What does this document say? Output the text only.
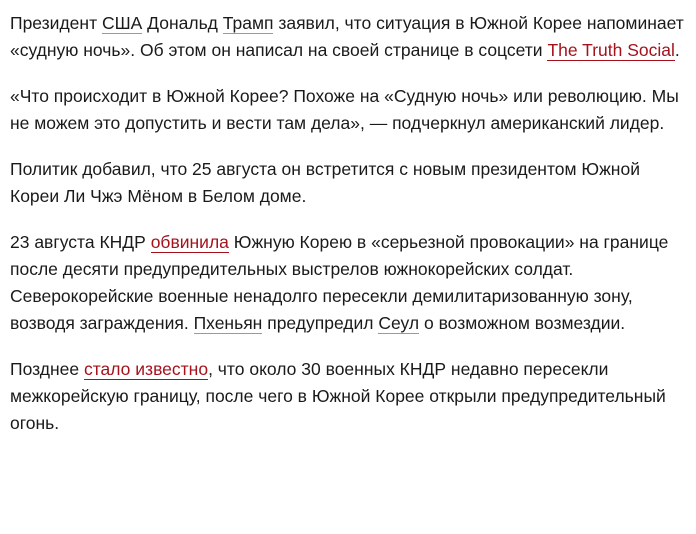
Президент США Дональд Трамп заявил, что ситуация в Южной Корее напоминает «судную ночь». Об этом он написал на своей странице в соцсети The Truth Social.

«Что происходит в Южной Корее? Похоже на «Судную ночь» или революцию. Мы не можем это допустить и вести там дела», — подчеркнул американский лидер.

Политик добавил, что 25 августа он встретится с новым президентом Южной Кореи Ли Чжэ Мёном в Белом доме.

23 августа КНДР обвинила Южную Корею в «серьезной провокации» на границе после десяти предупредительных выстрелов южнокорейских солдат. Северокорейские военные ненадолго пересекли демилитаризованную зону, возводя заграждения. Пхеньян предупредил Сеул о возможном возмездии.

Позднее стало известно, что около 30 военных КНДР недавно пересекли межкорейскую границу, после чего в Южной Корее открыли предупредительный огонь.
